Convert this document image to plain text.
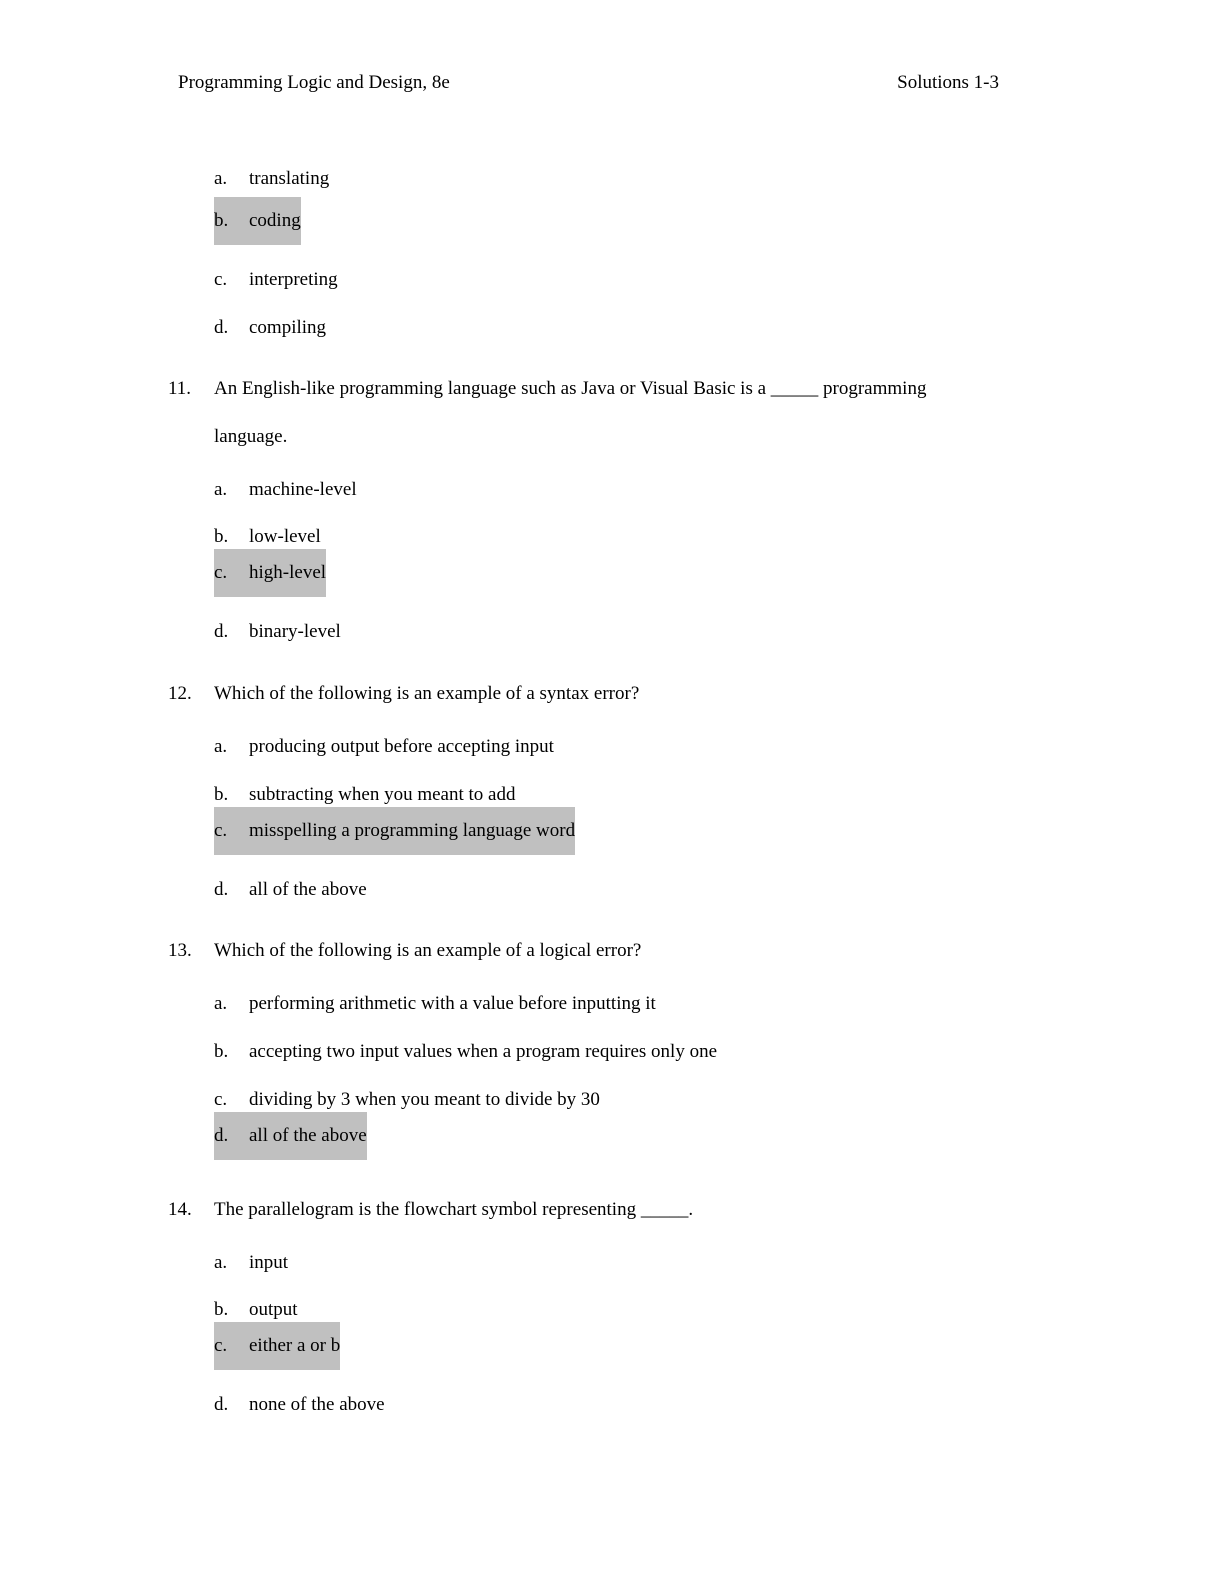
Programming Logic and Design, 8e	Solutions 1-3
a. translating
b. coding
c. interpreting
d. compiling
11. An English-like programming language such as Java or Visual Basic is a _____ programming
language.
a. machine-level
b. low-level
c. high-level
d. binary-level
12. Which of the following is an example of a syntax error?
a. producing output before accepting input
b. subtracting when you meant to add
c. misspelling a programming language word
d. all of the above
13. Which of the following is an example of a logical error?
a. performing arithmetic with a value before inputting it
b. accepting two input values when a program requires only one
c. dividing by 3 when you meant to divide by 30
d. all of the above
14. The parallelogram is the flowchart symbol representing _____.
a. input
b. output
c. either a or b
d. none of the above
